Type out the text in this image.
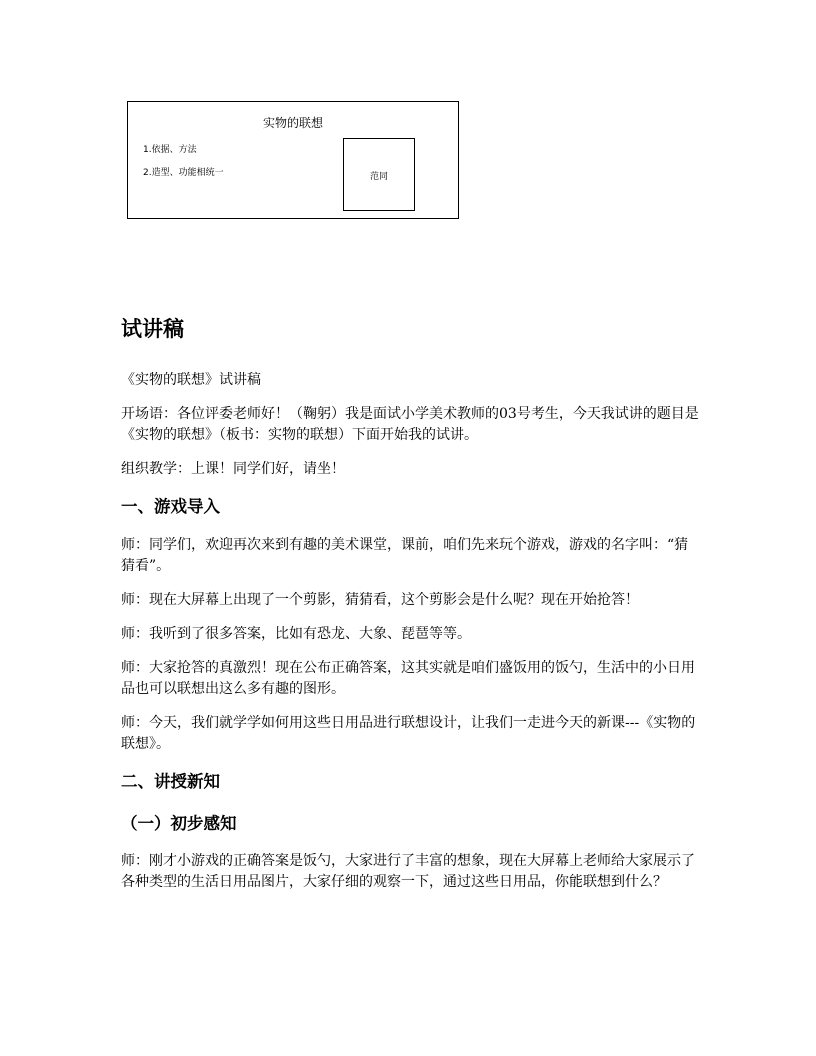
实物的联想
1.依据、方法
2.造型、功能相统一	范同
试讲稿

《实物的联想》试讲稿

开场语：各位评委老师好！（鞠躬）我是面试小学美术教师的03号考生，今天我试讲的题目是《实物的联想》（板书：实物的联想）下面开始我的试讲。

组织教学：上课！同学们好，请坐！

一、游戏导入

师：同学们，欢迎再次来到有趣的美术课堂，课前，咱们先来玩个游戏，游戏的名字叫：“猜猜看”。

师：现在大屏幕上出现了一个剪影，猜猜看，这个剪影会是什么呢？现在开始抢答！

师：我听到了很多答案，比如有恐龙、大象、琵琶等等。

师：大家抢答的真激烈！现在公布正确答案，这其实就是咱们盛饭用的饭勺，生活中的小日用品也可以联想出这么多有趣的图形。

师：今天，我们就学学如何用这些日用品进行联想设计，让我们一走进今天的新课---《实物的联想》。

二、讲授新知
（一）初步感知

师：刚才小游戏的正确答案是饭勺，大家进行了丰富的想象，现在大屏幕上老师给大家展示了各种类型的生活日用品图片，大家仔细的观察一下，通过这些日用品，你能联想到什么？
